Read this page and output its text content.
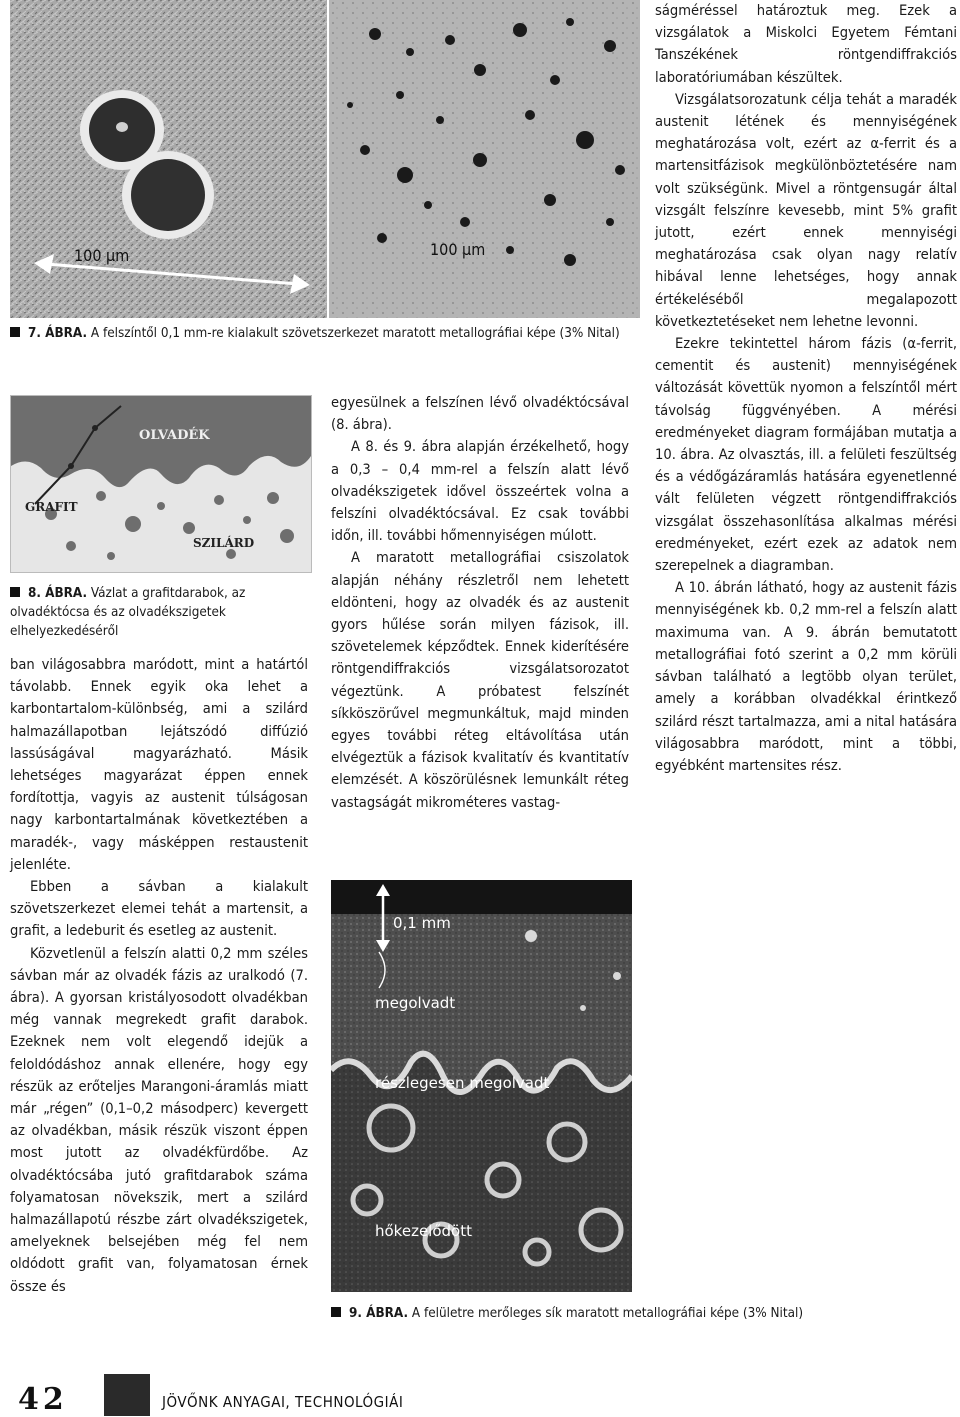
100 µm	100 µm
7. ÁBRA. A felszíntől 0,1 mm-re kialakult szövetszerkezet maratott metallográfiai képe (3% Nital)
OLVADÉK
GRAFIT
SZILÁRD
8. ÁBRA. Vázlat a grafitdarabok, az olvadéktócsa és az olvadékszigetek elhelyezkedéséről

ban világosabbra maródott, mint a határtól távolabb. Ennek egyik oka lehet a karbontartalom-különbség, ami a szilárd halmazállapotban lejátszódó diffúzió lassúságával magyarázható. Másik lehetséges magyarázat éppen ennek fordítottja, vagyis az austenit túlságosan nagy karbontartalmának következtében a maradék-, vagy másképpen restaustenit jelenléte.

Ebben a sávban a kialakult szövetszerkezet elemei tehát a martensit, a grafit, a ledeburit és esetleg az austenit.

Közvetlenül a felszín alatti 0,2 mm széles sávban már az olvadék fázis az uralkodó (7. ábra). A gyorsan kristályosodott olvadékban még vannak megrekedt grafit darabok. Ezeknek nem volt elegendő idejük a feloldódáshoz annak ellenére, hogy egy részük az erőteljes Marangoni-áramlás miatt már „régen” (0,1–0,2 másodperc) kevergett az olvadékban, másik részük viszont éppen most jutott az olvadékfürdőbe. Az olvadéktócsába jutó grafitdarabok száma folyamatosan növekszik, mert a szilárd halmazállapotú részbe zárt olvadékszigetek, amelyeknek belsejében még fel nem oldódott grafit van, folyamatosan érnek össze és

egyesülnek a felszínen lévő olvadéktócsával (8. ábra).

A 8. és 9. ábra alapján érzékelhető, hogy a 0,3 – 0,4 mm-rel a felszín alatt lévő olvadékszigetek idővel összeértek volna a felszíni olvadéktócsával. Ez csak további időn, ill. további hőmennyiségen múlott.

A maratott metallográfiai csiszolatok alapján néhány részletről nem lehetett eldönteni, hogy az olvadék és az austenit gyors hűlése során milyen fázisok, ill. szövetelemek képződtek. Ennek kiderítésére röntgendiffrakciós vizsgálatsorozatot végeztünk. A próbatest felszínét síkköszörűvel megmunkáltuk, majd minden egyes további réteg eltávolítása után elvégeztük a fázisok kvalitatív és kvantitatív elemzését. A köszörülésnek lemunkált réteg vastagságát mikrométeres vastag-

0,1 mm
megolvadt
részlegesen megolvadt
hőkezelődött
9. ÁBRA. A felületre merőleges sík maratott metallográfiai képe (3% Nital)

ságméréssel határoztuk meg. Ezek a vizsgálatok a Miskolci Egyetem Fémtani Tanszékének röntgendiffrakciós laboratóriumában készültek.

Vizsgálatsorozatunk célja tehát a maradék austenit létének és mennyiségének meghatározása volt, ezért az α-ferrit és a martensitfázisok megkülönböztetésére nam volt szükségünk. Mivel a röntgensugár által vizsgált felszínre kevesebb, mint 5% grafit jutott, ezért ennek mennyiségi meghatározása csak olyan nagy relatív hibával lenne lehetséges, hogy annak értékeléséből megalapozott következtetéseket nem lehetne levonni.

Ezekre tekintettel három fázis (α-ferrit, cementit és austenit) mennyiségének változását követtük nyomon a felszíntől mért távolság függvényében. A mérési eredményeket diagram formájában mutatja a 10. ábra. Az olvasztás, ill. a felületi feszültség és a védőgázáramlás hatására egyenetlenné vált felületen végzett röntgendiffrakciós vizsgálat összehasonlítása alkalmas mérési eredményeket, ezért ezek az adatok nem szerepelnek a diagramban.

A 10. ábrán látható, hogy az austenit fázis mennyiségének kb. 0,2 mm-rel a felszín alatt maximuma van. A 9. ábrán bemutatott metallográfiai fotó szerint a 0,2 mm körüli sávban található a legtöbb olyan terület, amely a korábban olvadékkal érintkező szilárd részt tartalmazza, ami a nital hatására világosabbra maródott, mint a többi, egyébként martensites rész.

42	JÖVŐNK ANYAGAI, TECHNOLÓGIÁI
